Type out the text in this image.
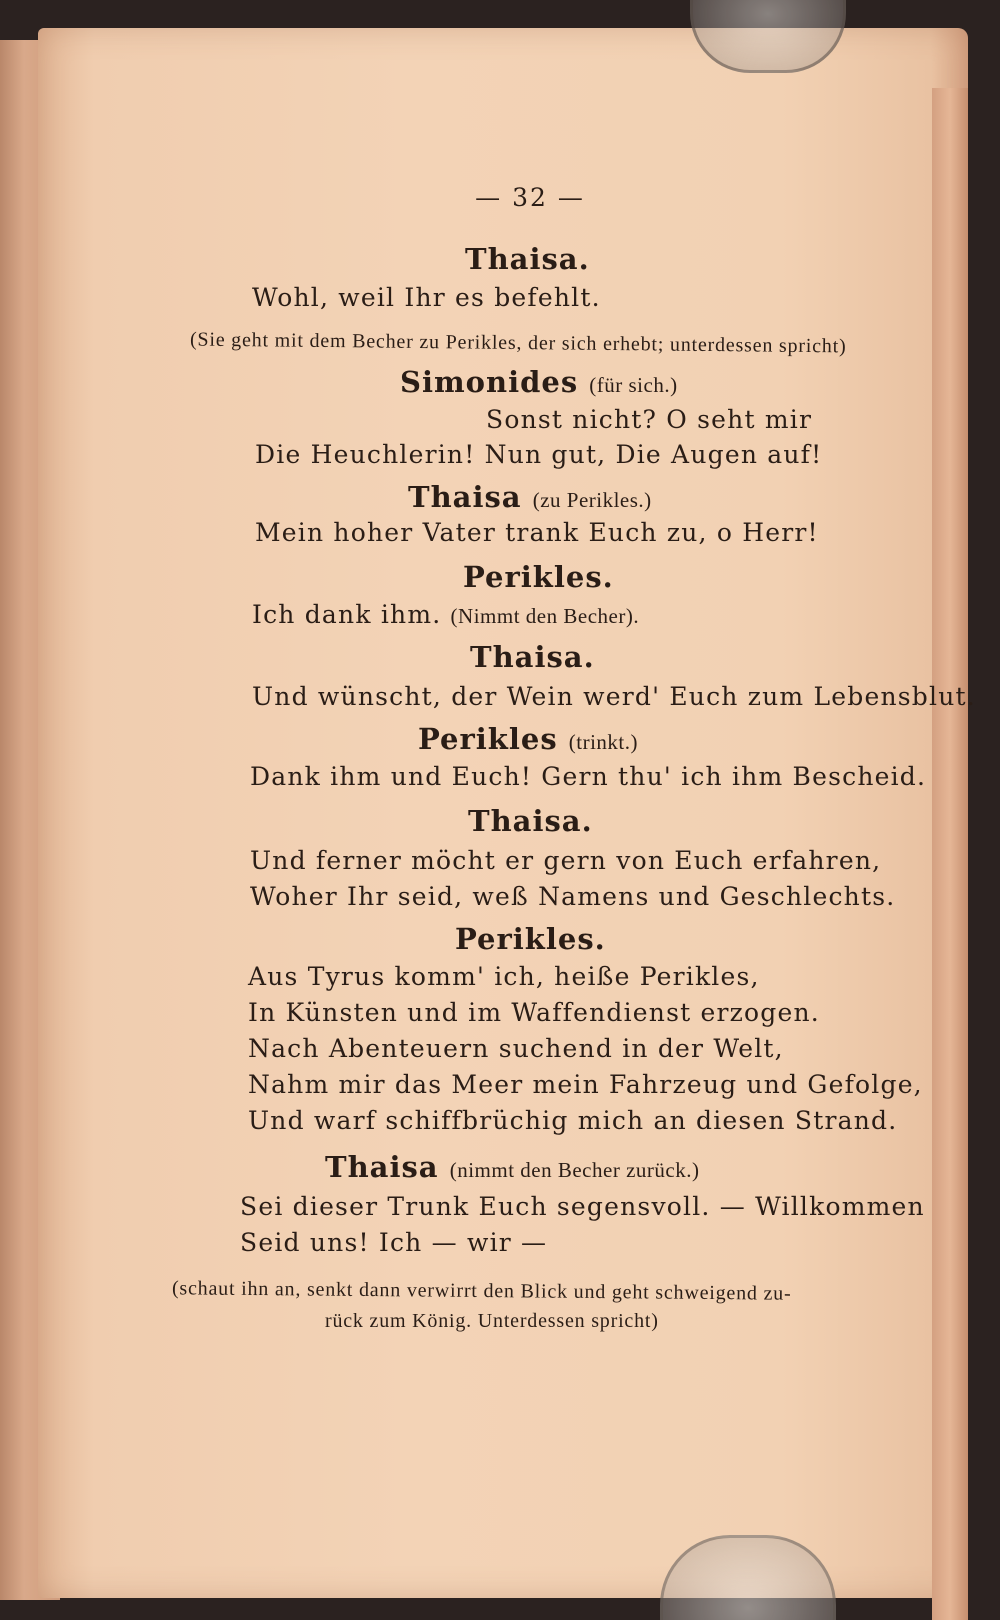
— 32 —
Thaisa.
Wohl, weil Ihr es befehlt.
(Sie geht mit dem Becher zu Perikles, der sich erhebt; unterdessen spricht)
Simonides (für sich.)
Sonst nicht? O seht mir
Die Heuchlerin! Nun gut, Die Augen auf!
Thaisa (zu Perikles.)
Mein hoher Vater trank Euch zu, o Herr!
Perikles.
Ich dank ihm. (Nimmt den Becher).
Thaisa.
Und wünscht, der Wein werd' Euch zum Lebensblut.
Perikles (trinkt.)
Dank ihm und Euch! Gern thu' ich ihm Bescheid.
Thaisa.
Und ferner möcht er gern von Euch erfahren,
Woher Ihr seid, weß Namens und Geschlechts.
Perikles.
Aus Tyrus komm' ich, heiße Perikles,
In Künsten und im Waffendienst erzogen.
Nach Abenteuern suchend in der Welt,
Nahm mir das Meer mein Fahrzeug und Gefolge,
Und warf schiffbrüchig mich an diesen Strand.
Thaisa (nimmt den Becher zurück.)
Sei dieser Trunk Euch segensvoll. — Willkommen
Seid uns! Ich — wir —
(schaut ihn an, senkt dann verwirrt den Blick und geht schweigend zu-
rück zum König. Unterdessen spricht)
